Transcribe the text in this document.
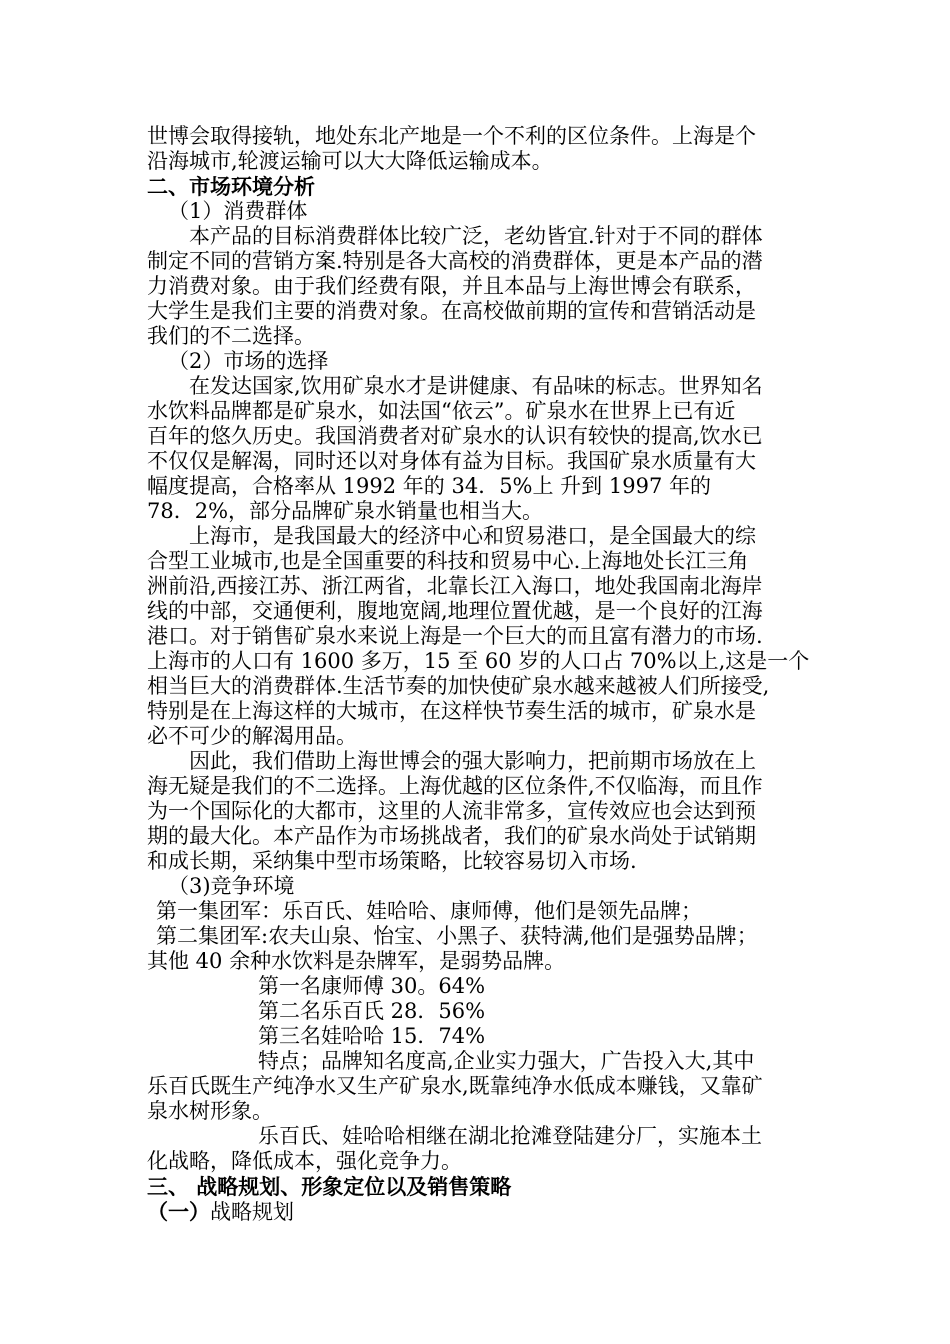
世博会取得接轨，地处东北产地是一个不利的区位条件。上海是个
沿海城市,轮渡运输可以大大降低运输成本。
二、市场环境分析
（1）消费群体
本产品的目标消费群体比较广泛，老幼皆宜.针对于不同的群体
制定不同的营销方案.特别是各大高校的消费群体，更是本产品的潜
力消费对象。由于我们经费有限，并且本品与上海世博会有联系，
大学生是我们主要的消费对象。在高校做前期的宣传和营销活动是
我们的不二选择。
（2）市场的选择
在发达国家,饮用矿泉水才是讲健康、有品味的标志。世界知名
水饮料品牌都是矿泉水，如法国“依云”。矿泉水在世界上已有近
百年的悠久历史。我国消费者对矿泉水的认识有较快的提高,饮水已
不仅仅是解渴，同时还以对身体有益为目标。我国矿泉水质量有大
幅度提高，合格率从 1992 年的 34．5%上 升到 1997 年的
78．2%，部分品牌矿泉水销量也相当大。
上海市，是我国最大的经济中心和贸易港口，是全国最大的综
合型工业城市,也是全国重要的科技和贸易中心.上海地处长江三角
洲前沿,西接江苏、浙江两省，北靠长江入海口，地处我国南北海岸
线的中部，交通便利，腹地宽阔,地理位置优越，是一个良好的江海
港口。对于销售矿泉水来说上海是一个巨大的而且富有潜力的市场.
上海市的人口有 1600 多万，15 至 60 岁的人口占 70%以上,这是一个
相当巨大的消费群体.生活节奏的加快使矿泉水越来越被人们所接受,
特别是在上海这样的大城市，在这样快节奏生活的城市，矿泉水是
必不可少的解渴用品。
因此，我们借助上海世博会的强大影响力，把前期市场放在上
海无疑是我们的不二选择。上海优越的区位条件,不仅临海，而且作
为一个国际化的大都市，这里的人流非常多，宣传效应也会达到预
期的最大化。本产品作为市场挑战者，我们的矿泉水尚处于试销期
和成长期，采纳集中型市场策略，比较容易切入市场.
（3)竞争环境
第一集团军：乐百氏、娃哈哈、康师傅，他们是领先品牌；
第二集团军:农夫山泉、怡宝、小黑子、获特满,他们是强势品牌；
其他 40 余种水饮料是杂牌军，是弱势品牌。
第一名康师傅 30。64%
第二名乐百氏 28．56%
第三名娃哈哈 15．74%
特点；品牌知名度高,企业实力强大，广告投入大,其中
乐百氏既生产纯净水又生产矿泉水,既靠纯净水低成本赚钱，又靠矿
泉水树形象。
乐百氏、娃哈哈相继在湖北抢滩登陆建分厂，实施本土
化战略，降低成本，强化竞争力。
三、 战略规划、形象定位以及销售策略
（一）战略规划
